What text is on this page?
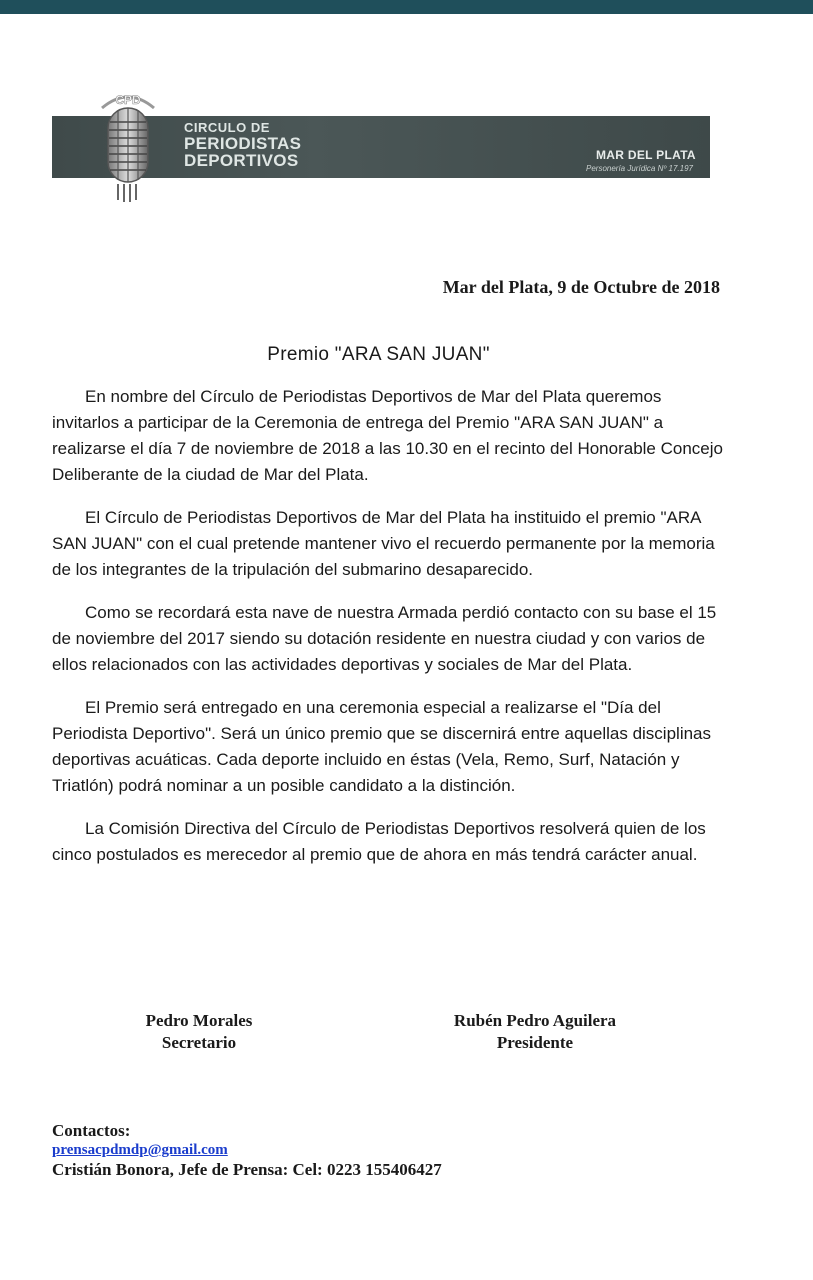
CPD
CIRCULO DE
PERIODISTAS
DEPORTIVOS	MAR DEL PLATA
Personería Jurídica Nº 17.197
Mar del Plata, 9 de Octubre de 2018
Premio "ARA SAN JUAN"

En nombre del Círculo de Periodistas Deportivos de Mar del Plata queremos invitarlos a participar de la Ceremonia de entrega del Premio "ARA SAN JUAN" a realizarse el día 7 de noviembre de 2018 a las 10.30 en el recinto del Honorable Concejo Deliberante de la ciudad de Mar del Plata.

El Círculo de Periodistas Deportivos de Mar del Plata ha instituido el premio "ARA SAN JUAN" con el cual pretende mantener vivo el recuerdo permanente por la memoria de los integrantes de la tripulación del submarino desaparecido.

Como se recordará esta nave de nuestra Armada perdió contacto con su base el 15 de noviembre del 2017 siendo su dotación residente en nuestra ciudad y con varios de ellos relacionados con las actividades deportivas y sociales de Mar del Plata.

El Premio será entregado en una ceremonia especial a realizarse el "Día del Periodista Deportivo". Será un único premio que se discernirá entre aquellas disciplinas deportivas acuáticas. Cada deporte incluido en éstas (Vela, Remo, Surf, Natación y Triatlón) podrá nominar a un posible candidato a la distinción.

La Comisión Directiva del Círculo de Periodistas Deportivos resolverá quien de los cinco postulados es merecedor al premio que de ahora en más tendrá carácter anual.

Pedro Morales
Secretario
Rubén Pedro Aguilera
Presidente
Contactos:
prensacpdmdp@gmail.com
Cristián Bonora, Jefe de Prensa: Cel: 0223 155406427
